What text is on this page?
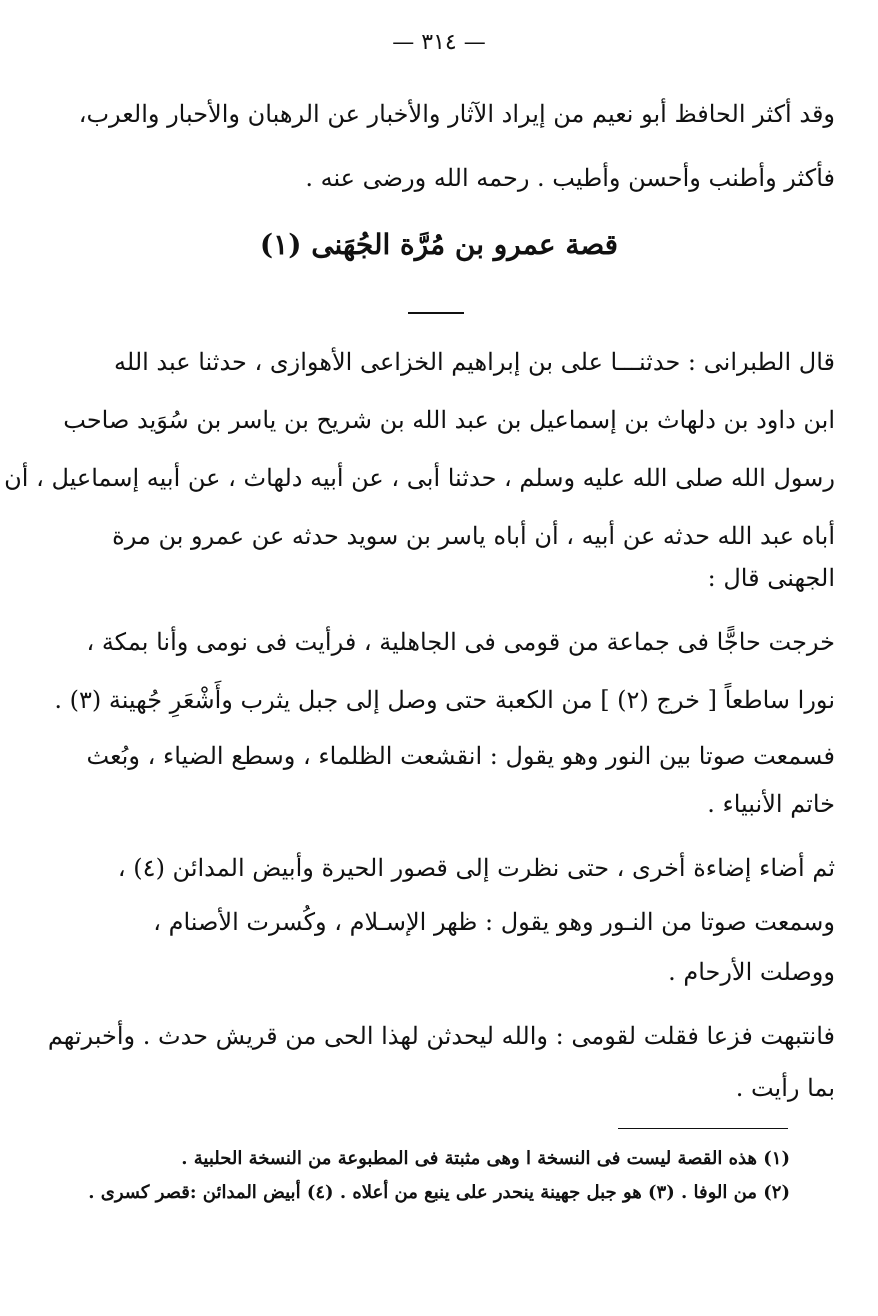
— ٣١٤ —
وقد أكثر الحافظ أبو نعيم من إيراد الآثار والأخبار عن الرهبان والأحبار والعرب،
فأكثر وأطنب وأحسن وأطيب . رحمه الله ورضى عنه .
قصة عمرو بن مُرَّة الجُهَنى (١)
قال الطبرانى : حدثنـــا على بن إبراهيم الخزاعى الأهوازى ، حدثنا عبد الله
ابن داود بن دلهاث بن إسماعيل بن عبد الله بن شريح بن ياسر بن سُوَيد صاحب
رسول الله صلى الله عليه وسلم ، حدثنا أبى ، عن أبيه دلهاث ، عن أبيه إسماعيل ، أن
أباه عبد الله حدثه عن أبيه ، أن أباه ياسر بن سويد حدثه عن عمرو بن مرة
الجهنى قال :
خرجت حاجًّا فى جماعة من قومى فى الجاهلية ، فرأيت فى نومى وأنا بمكة ،
نورا ساطعاً [ خرج (٢) ] من الكعبة حتى وصل إلى جبل يثرب وأَشْعَرِ جُهينة (٣) .
فسمعت صوتا بين النور وهو يقول : انقشعت الظلماء ، وسطع الضياء ، وبُعث
خاتم الأنبياء .
ثم أضاء إضاءة أخرى ، حتى نظرت إلى قصور الحيرة وأبيض المدائن (٤) ،
وسمعت صوتا من النـور وهو يقول : ظهر الإسـلام ، وكُسرت الأصنام ،
ووصلت الأرحام .
فانتبهت فزعا فقلت لقومى : والله ليحدثن لهذا الحى من قريش حدث . وأخبرتهم
بما رأيت .
(١) هذه القصة ليست فى النسخة ا وهى مثبتة فى المطبوعة من النسخة الحلبية .
(٢) من الوفا . (٣) هو جبل جهينة ينحدر على ينبع من أعلاه . (٤) أبيض المدائن :قصر كسرى .
